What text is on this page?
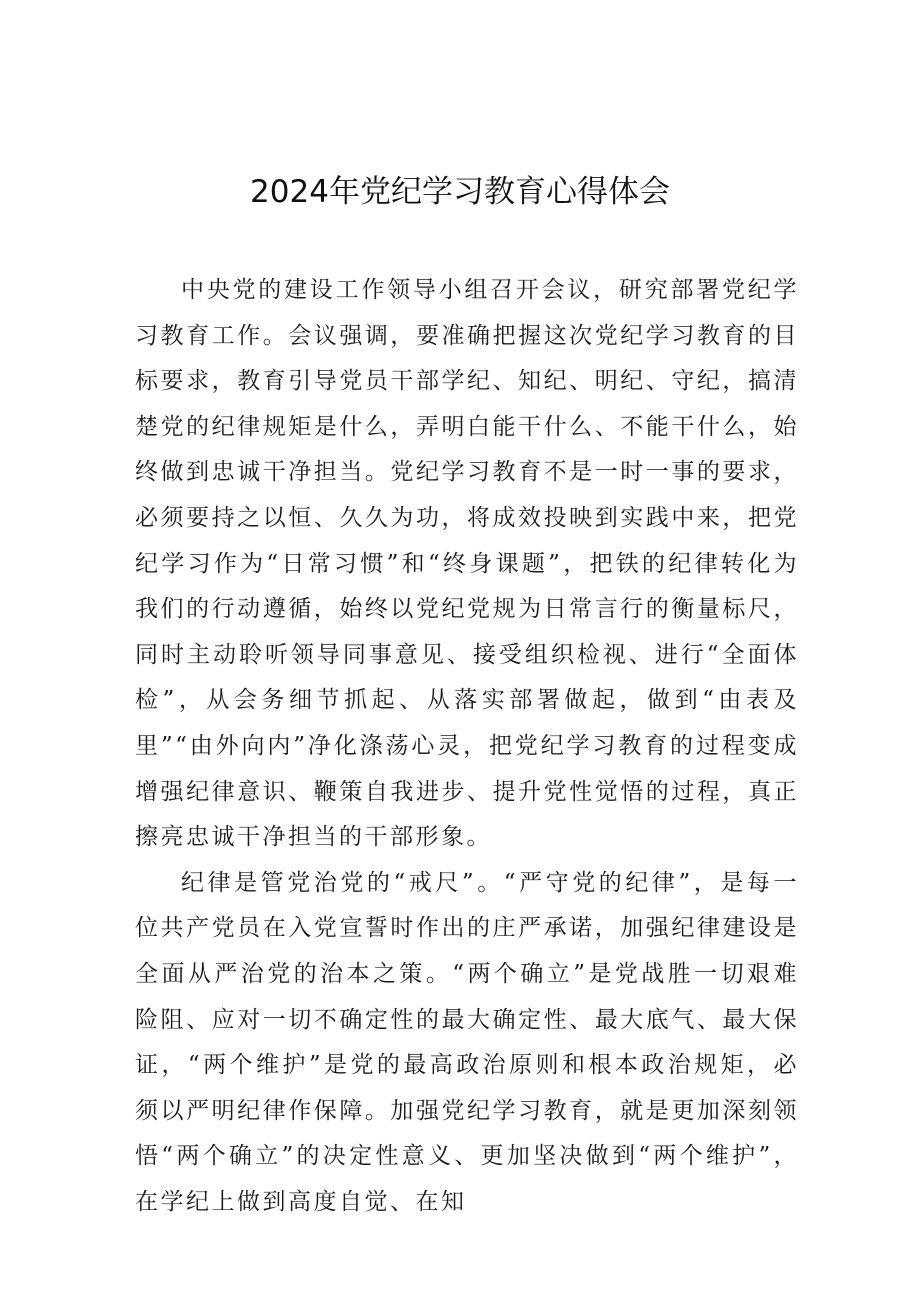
2024年党纪学习教育心得体会

中央党的建设工作领导小组召开会议，研究部署党纪学习教育工作。会议强调，要准确把握这次党纪学习教育的目标要求，教育引导党员干部学纪、知纪、明纪、守纪，搞清楚党的纪律规矩是什么，弄明白能干什么、不能干什么，始终做到忠诚干净担当。党纪学习教育不是一时一事的要求，必须要持之以恒、久久为功，将成效投映到实践中来，把党纪学习作为“日常习惯”和“终身课题”，把铁的纪律转化为我们的行动遵循，始终以党纪党规为日常言行的衡量标尺，同时主动聆听领导同事意见、接受组织检视、进行“全面体检”，从会务细节抓起、从落实部署做起，做到“由表及里”“由外向内”净化涤荡心灵，把党纪学习教育的过程变成增强纪律意识、鞭策自我进步、提升党性觉悟的过程，真正擦亮忠诚干净担当的干部形象。

纪律是管党治党的“戒尺”。“严守党的纪律”，是每一位共产党员在入党宣誓时作出的庄严承诺，加强纪律建设是全面从严治党的治本之策。“两个确立”是党战胜一切艰难险阻、应对一切不确定性的最大确定性、最大底气、最大保证，“两个维护”是党的最高政治原则和根本政治规矩，必须以严明纪律作保障。加强党纪学习教育，就是更加深刻领悟“两个确立”的决定性意义、更加坚决做到“两个维护”，在学纪上做到高度自觉、在知
